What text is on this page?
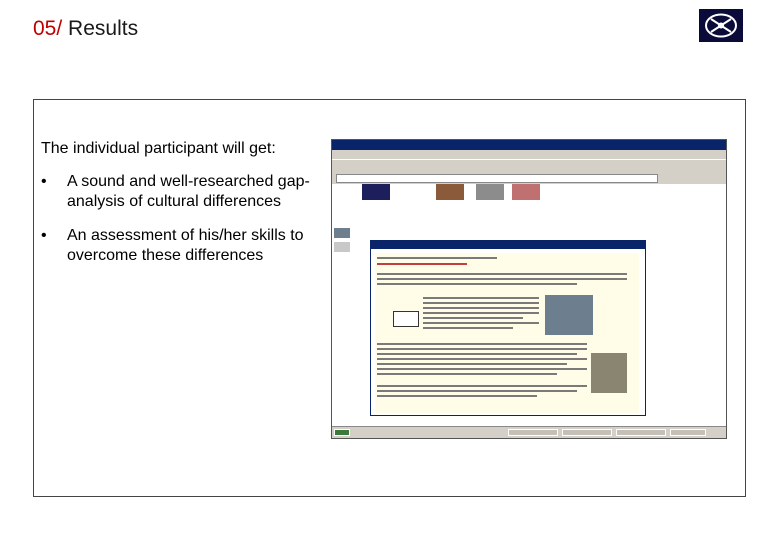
05/ Results
The individual participant will get:
• A sound and well-researched gap-analysis of cultural differences
• An assessment of his/her skills to overcome these differences
